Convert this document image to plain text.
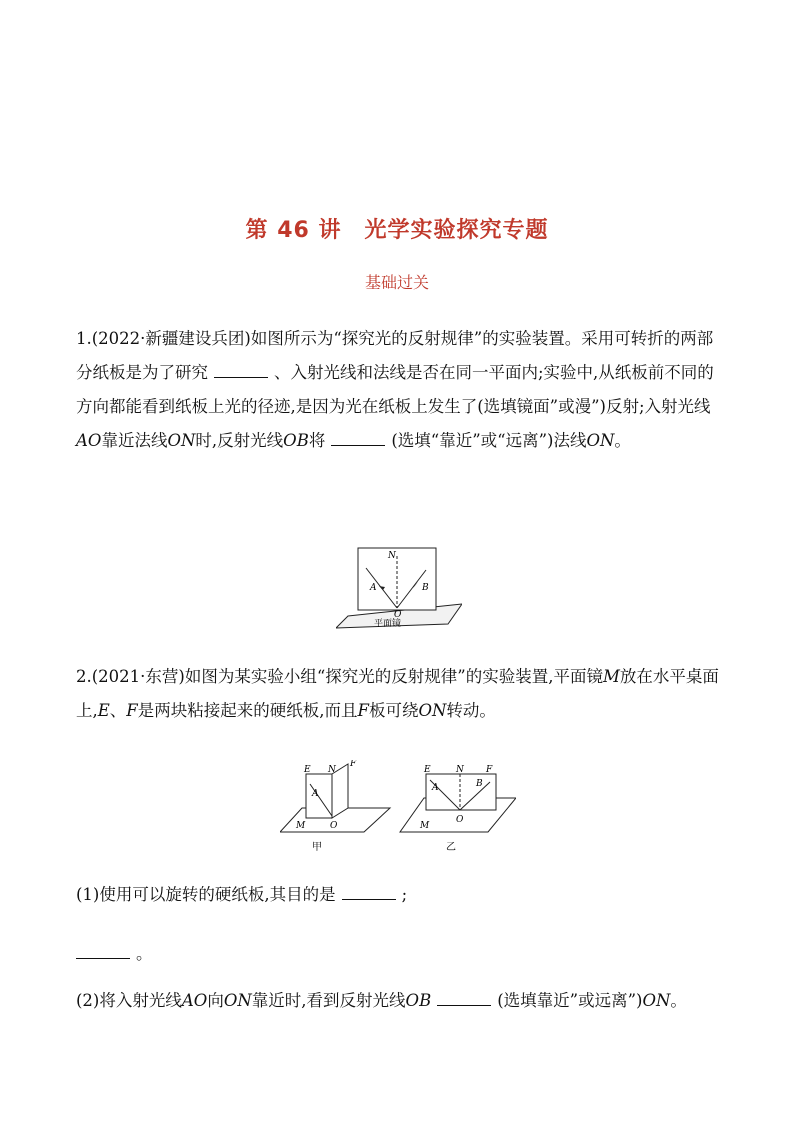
第 46 讲　光学实验探究专题
基础过关
1.(2022·新疆建设兵团)如图所示为“探究光的反射规律”的实验装置。采用可转折的两部分纸板是为了研究	、入射光线和法线是否在同一平面内;实验中,从纸板前不同的方向都能看到纸板上光的径迹,是因为光在纸板上发生了(选填镜面”或漫”)反射;入射光线AO靠近法线ON时,反射光线OB将	(选填“靠近”或“远离”)法线ON。
N
A	B
O
平面镜
2.(2021·东营)如图为某实验小组“探究光的反射规律”的实验装置,平面镜M放在水平桌面上,E、F是两块粘接起来的硬纸板,而且F板可绕ON转动。
E N
F
A
O
M
甲
E	N F
A	B
O
M
乙
(1)使用可以旋转的硬纸板,其目的是	;
。
(2)将入射光线AO向ON靠近时,看到反射光线OB	(选填靠近”或远离”)ON。
